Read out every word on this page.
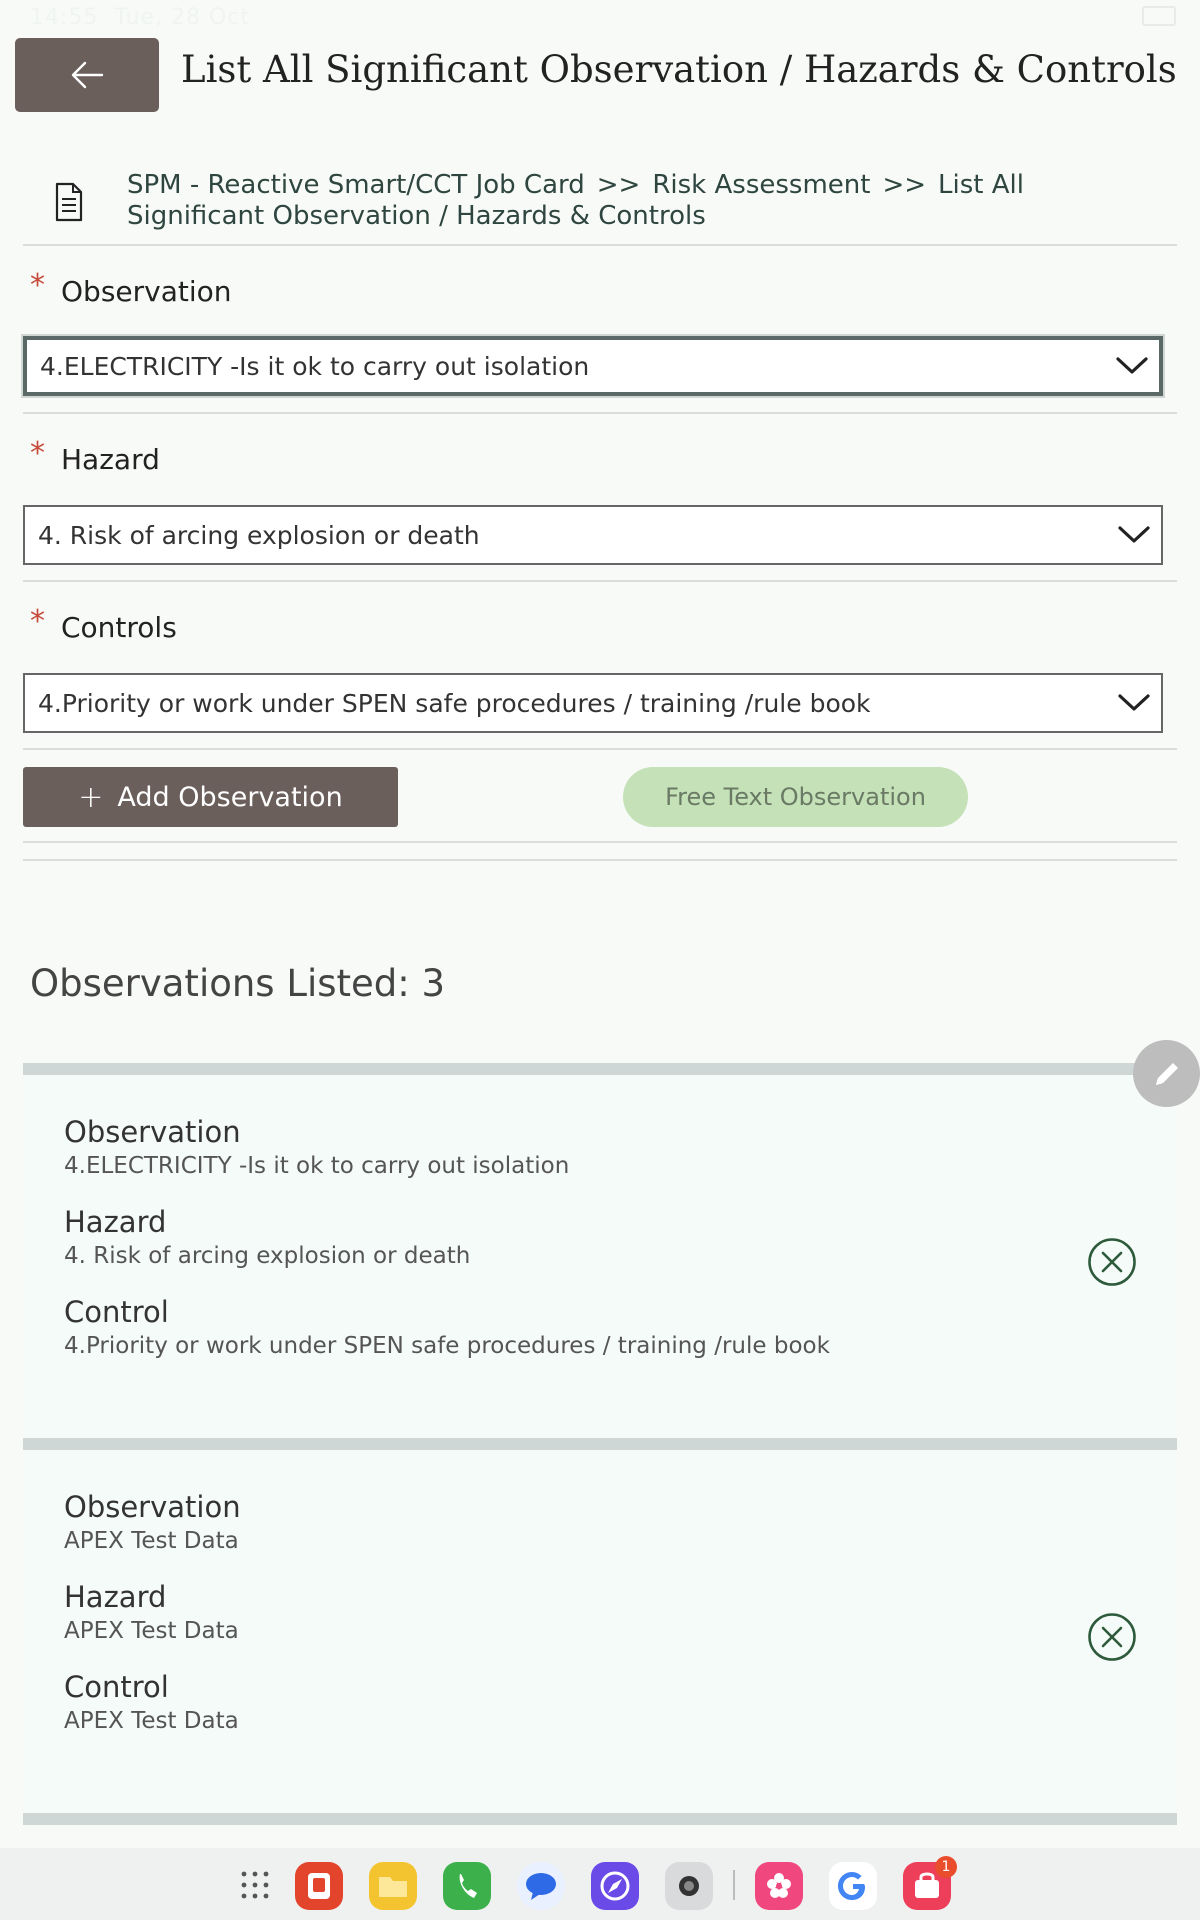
14:55 Tue, 28 Oct
List All Significant Observation / Hazards & Controls
SPM - Reactive Smart/CCT Job Card >> Risk Assessment >> List All Significant Observation / Hazards & Controls
* Observation
4.ELECTRICITY -Is it ok to carry out isolation
* Hazard
4. Risk of arcing explosion or death
* Controls
4.Priority or work under SPEN safe procedures / training /rule book
+ Add Observation	Free Text Observation
Observations Listed: 3
Observation
4.ELECTRICITY -Is it ok to carry out isolation
Hazard
4. Risk of arcing explosion or death
Control
4.Priority or work under SPEN safe procedures / training /rule book
Observation
APEX Test Data
Hazard
APEX Test Data
Control
APEX Test Data
1
